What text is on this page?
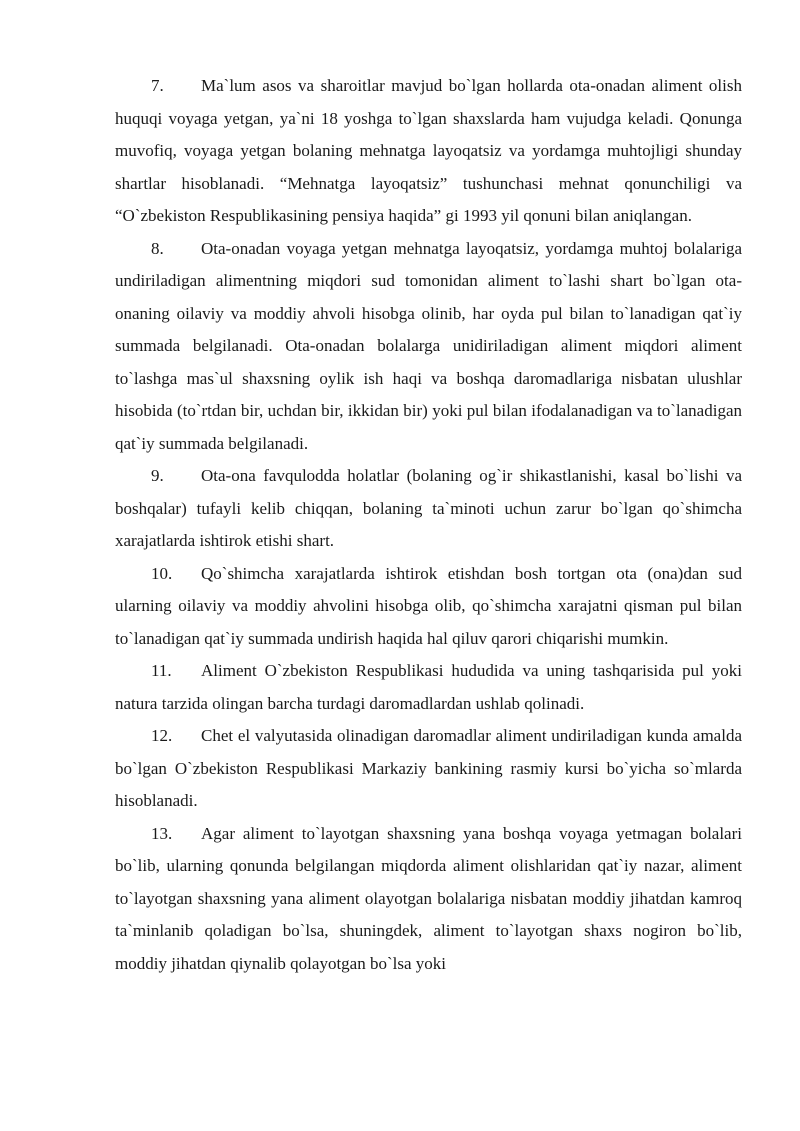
7. Ma`lum asos va sharoitlar mavjud bo`lgan hollarda ota-onadan aliment olish huquqi voyaga yetgan, ya`ni 18 yoshga to`lgan shaxslarda ham vujudga keladi. Qonunga muvofiq, voyaga yetgan bolaning mehnatga layoqatsiz va yordamga muhtojligi shunday shartlar hisoblanadi. “Mehnatga layoqatsiz” tushunchasi mehnat qonunchiligi va “O`zbekiston Respublikasining pensiya haqida” gi 1993 yil qonuni bilan aniqlangan.

8. Ota-onadan voyaga yetgan mehnatga layoqatsiz, yordamga muhtoj bolalariga undiriladigan alimentning miqdori sud tomonidan aliment to`lashi shart bo`lgan ota-onaning oilaviy va moddiy ahvoli hisobga olinib, har oyda pul bilan to`lanadigan qat`iy summada belgilanadi. Ota-onadan bolalarga unidiriladigan aliment miqdori aliment to`lashga mas`ul shaxsning oylik ish haqi va boshqa daromadlariga nisbatan ulushlar hisobida (to`rtdan bir, uchdan bir, ikkidan bir) yoki pul bilan ifodalanadigan va to`lanadigan qat`iy summada belgilanadi.

9. Ota-ona favqulodda holatlar (bolaning og`ir shikastlanishi, kasal bo`lishi va boshqalar) tufayli kelib chiqqan, bolaning ta`minoti uchun zarur bo`lgan qo`shimcha xarajatlarda ishtirok etishi shart.

10. Qo`shimcha xarajatlarda ishtirok etishdan bosh tortgan ota (ona)dan sud ularning oilaviy va moddiy ahvolini hisobga olib, qo`shimcha xarajatni qisman pul bilan to`lanadigan qat`iy summada undirish haqida hal qiluv qarori chiqarishi mumkin.

11. Aliment O`zbekiston Respublikasi hududida va uning tashqarisida pul yoki natura tarzida olingan barcha turdagi daromadlardan ushlab qolinadi.

12. Chet el valyutasida olinadigan daromadlar aliment undiriladigan kunda amalda bo`lgan O`zbekiston Respublikasi Markaziy bankining rasmiy kursi bo`yicha so`mlarda hisoblanadi.

13. Agar aliment to`layotgan shaxsning yana boshqa voyaga yetmagan bolalari bo`lib, ularning qonunda belgilangan miqdorda aliment olishlaridan qat`iy nazar, aliment to`layotgan shaxsning yana aliment olayotgan bolalariga nisbatan moddiy jihatdan kamroq ta`minlanib qoladigan bo`lsa, shuningdek, aliment to`layotgan shaxs nogiron bo`lib, moddiy jihatdan qiynalib qolayotgan bo`lsa yoki
